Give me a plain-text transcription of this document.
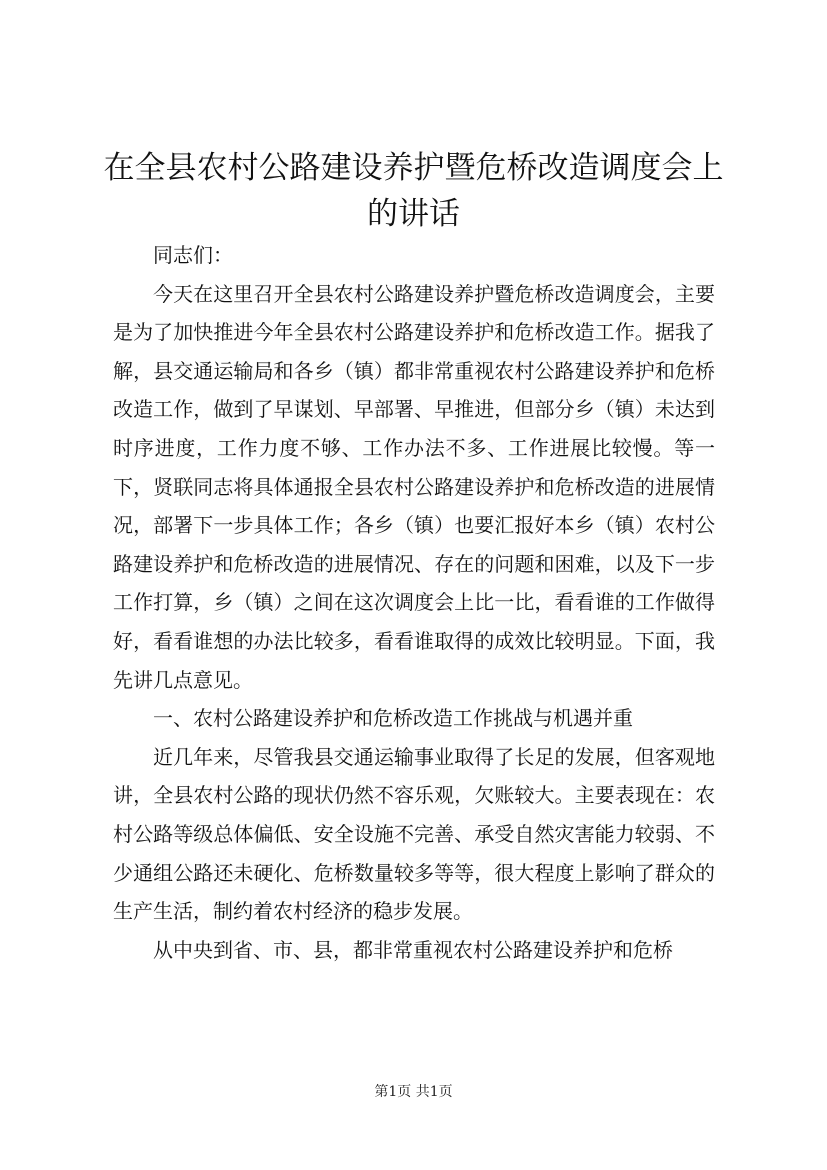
在全县农村公路建设养护暨危桥改造调度会上的讲话

同志们：

今天在这里召开全县农村公路建设养护暨危桥改造调度会，主要是为了加快推进今年全县农村公路建设养护和危桥改造工作。据我了解，县交通运输局和各乡（镇）都非常重视农村公路建设养护和危桥改造工作，做到了早谋划、早部署、早推进，但部分乡（镇）未达到时序进度，工作力度不够、工作办法不多、工作进展比较慢。等一下，贤联同志将具体通报全县农村公路建设养护和危桥改造的进展情况，部署下一步具体工作；各乡（镇）也要汇报好本乡（镇）农村公路建设养护和危桥改造的进展情况、存在的问题和困难，以及下一步工作打算，乡（镇）之间在这次调度会上比一比，看看谁的工作做得好，看看谁想的办法比较多，看看谁取得的成效比较明显。下面，我先讲几点意见。

一、农村公路建设养护和危桥改造工作挑战与机遇并重

近几年来，尽管我县交通运输事业取得了长足的发展，但客观地讲，全县农村公路的现状仍然不容乐观，欠账较大。主要表现在：农村公路等级总体偏低、安全设施不完善、承受自然灾害能力较弱、不少通组公路还未硬化、危桥数量较多等等，很大程度上影响了群众的生产生活，制约着农村经济的稳步发展。

从中央到省、市、县，都非常重视农村公路建设养护和危桥

第1页 共1页
